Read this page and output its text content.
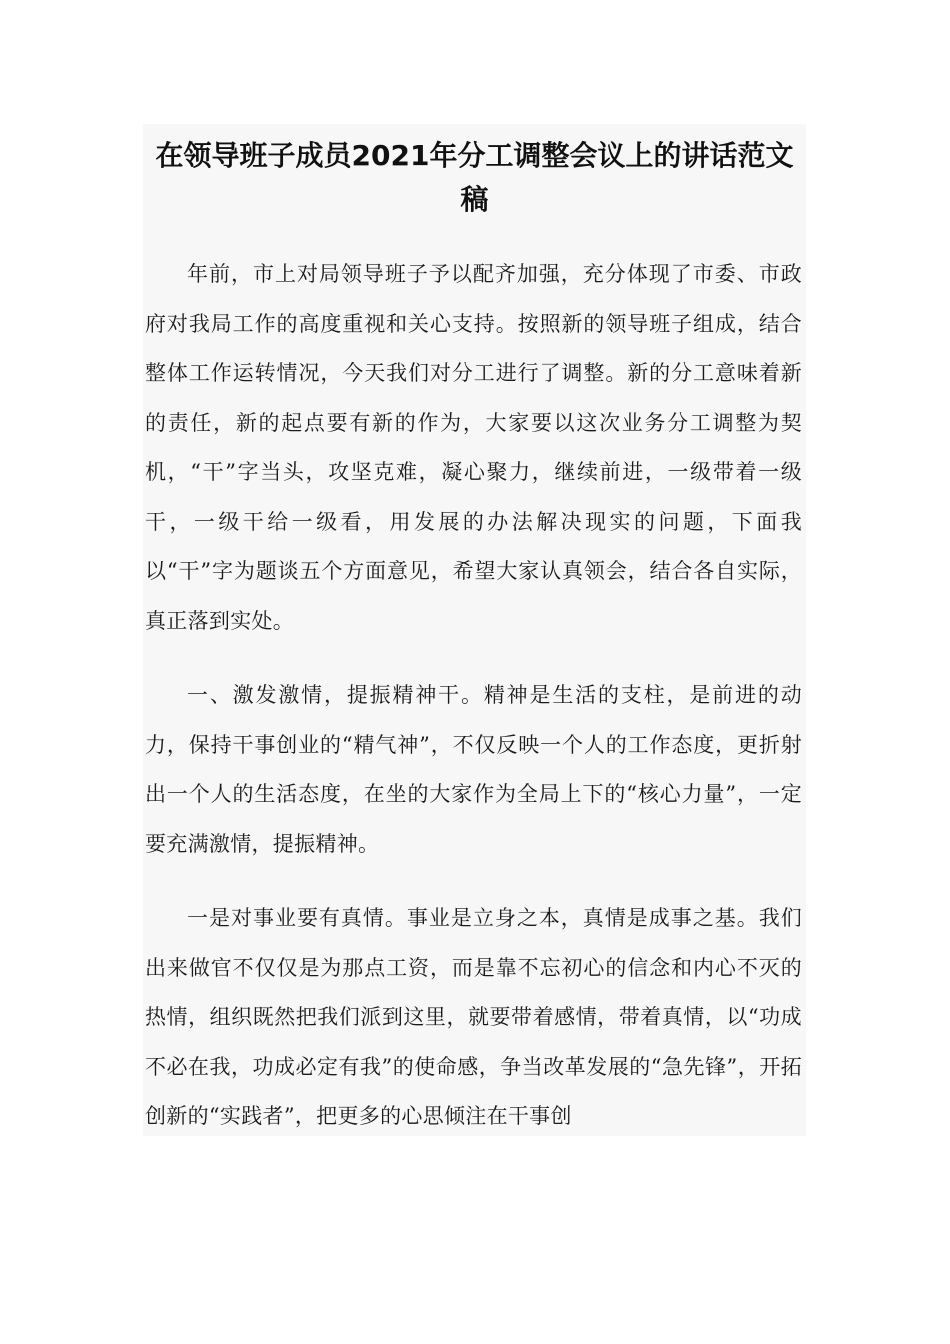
在领导班子成员2021年分工调整会议上的讲话范文稿

年前，市上对局领导班子予以配齐加强，充分体现了市委、市政府对我局工作的高度重视和关心支持。按照新的领导班子组成，结合整体工作运转情况，今天我们对分工进行了调整。新的分工意味着新的责任，新的起点要有新的作为，大家要以这次业务分工调整为契机，“干”字当头，攻坚克难，凝心聚力，继续前进，一级带着一级干，一级干给一级看，用发展的办法解决现实的问题，下面我以“干”字为题谈五个方面意见，希望大家认真领会，结合各自实际，真正落到实处。

一、激发激情，提振精神干。精神是生活的支柱，是前进的动力，保持干事创业的“精气神”，不仅反映一个人的工作态度，更折射出一个人的生活态度，在坐的大家作为全局上下的“核心力量”，一定要充满激情，提振精神。

一是对事业要有真情。事业是立身之本，真情是成事之基。我们出来做官不仅仅是为那点工资，而是靠不忘初心的信念和内心不灭的热情，组织既然把我们派到这里，就要带着感情，带着真情，以“功成不必在我，功成必定有我”的使命感，争当改革发展的“急先锋”，开拓创新的“实践者”，把更多的心思倾注在干事创
